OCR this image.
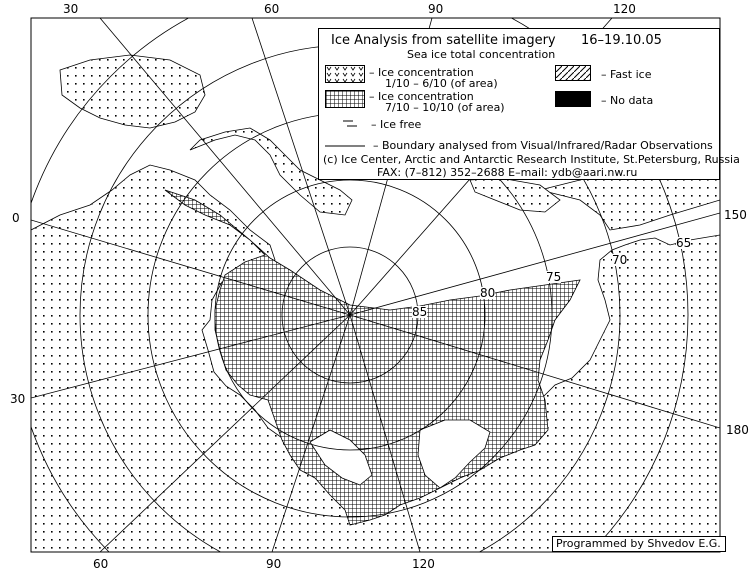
30	60	90	120
60	90	120
0
30
150
180
85
80
75
70
65
Ice Analysis from satellite imagery 16–19.10.05
Sea ice total concentration
– Ice concentration
1/10 – 6/10 (of area)
– Fast ice
– Ice concentration
7/10 – 10/10 (of area)
– No data
– Ice free
– Boundary analysed from Visual/Infrared/Radar Observations
(c) Ice Center, Arctic and Antarctic Research Institute, St.Petersburg, Russia
FAX: (7–812) 352–2688 E–mail: ydb@aari.nw.ru
Programmed by Shvedov E.G.
